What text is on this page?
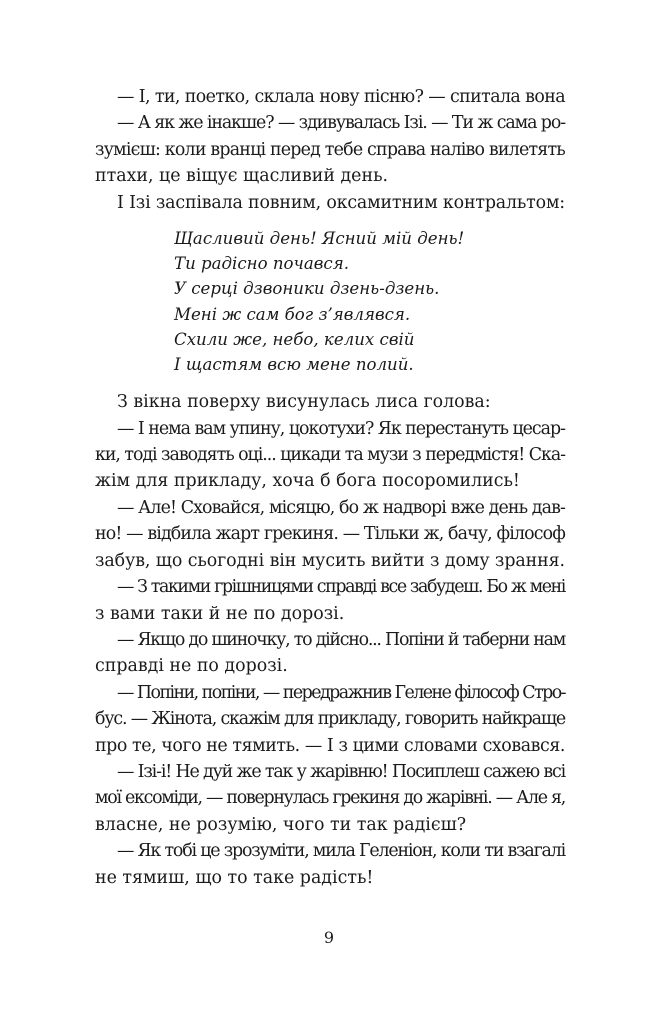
— І, ти, поетко, склала нову пісню? — спитала вона
— А як же інакше? — здивувалась Ізі. — Ти ж сама ро-
зумієш: коли вранці перед тебе справа наліво вилетять
птахи, це віщує щасливий день.
І Ізі заспівала повним, оксамитним контральтом:
Щасливий день! Ясний мій день!
Ти радісно почався.
У серці дзвоники дзень-дзень.
Мені ж сам бог з’являвся.
Схили же, небо, келих свій
І щастям всю мене полий.
З вікна поверху висунулась лиса голова:
— І нема вам упину, цокотухи? Як перестануть цесар-
ки, тоді заводять оці... цикади та музи з передмістя! Ска-
жім для прикладу, хоча б бога посоромились!
— Але! Сховайся, місяцю, бо ж надворі вже день дав-
но! — відбила жарт грекиня. — Тільки ж, бачу, філософ
забув, що сьогодні він мусить вийти з дому зрання.
— З такими грішницями справді все забудеш. Бо ж мені
з вами таки й не по дорозі.
— Якщо до шиночку, то дійсно... Попіни й таберни нам
справді не по дорозі.
— Попіни, попіни, — передражнив Гелене філософ Стро-
бус. — Жінота, скажім для прикладу, говорить найкраще
про те, чого не тямить. — І з цими словами сховався.
— Ізі-і! Не дуй же так у жарівню! Посиплеш сажею всі
мої ексоміди, — повернулась грекиня до жарівні. — Але я,
власне, не розумію, чого ти так радієш?
— Як тобі це зрозуміти, мила Геленіон, коли ти взагалі
не тямиш, що то таке радість!
9
